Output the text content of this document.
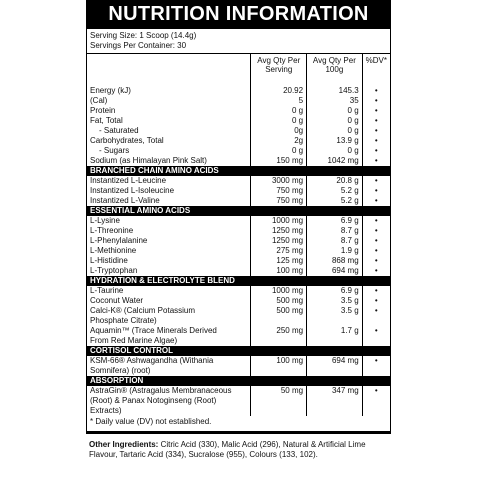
NUTRITION INFORMATION
Serving Size: 1 Scoop (14.4g)
Servings Per Container: 30
	Avg Qty Per Serving	Avg Qty Per 100g	%DV*

Energy (kJ)	20.92	145.3	•

(Cal)	5	35	•

Protein	0 g	0 g	•

Fat, Total	0 g	0 g	•

- Saturated	0g	0 g	•

Carbohydrates, Total	2g	13.9 g	•

- Sugars	0 g	0 g	•

Sodium (as Himalayan Pink Salt)	150 mg	1042 mg	•
BRANCHED CHAIN AMINO ACIDS			

Instantized L-Leucine	3000 mg	20.8 g	•

Instantized L-Isoleucine	750 mg	5.2 g	•

Instantized L-Valine	750 mg	5.2 g	•
ESSENTIAL AMINO ACIDS			

L-Lysine	1000 mg	6.9 g	•

L-Threonine	1250 mg	8.7 g	•

L-Phenylalanine	1250 mg	8.7 g	•

L-Methionine	275 mg	1.9 g	•

L-Histidine	125 mg	868 mg	•

L-Tryptophan	100 mg	694 mg	•
HYDRATION & ELECTROLYTE BLEND			

L-Taurine	1000 mg	6.9 g	•

Coconut Water	500 mg	3.5 g	•

Calci-K® (Calcium Potassium
Phosphate Citrate)	500 mg	3.5 g	•

Aquamin™ (Trace Minerals Derived
From Red Marine Algae)	250 mg	1.7 g	•
CORTISOL CONTROL			

KSM-66® Ashwagandha (Withania
Somnifera) (root)	100 mg	694 mg	•
ABSORPTION			

AstraGin® (Astragalus Membranaceous
(Root) & Panax Notoginseng (Root) Extracts)	50 mg	347 mg	•
* Daily value (DV) not established.
Other Ingredients: Citric Acid (330), Malic Acid (296), Natural & Artificial Lime Flavour, Tartaric Acid (334), Sucralose (955), Colours (133, 102).
